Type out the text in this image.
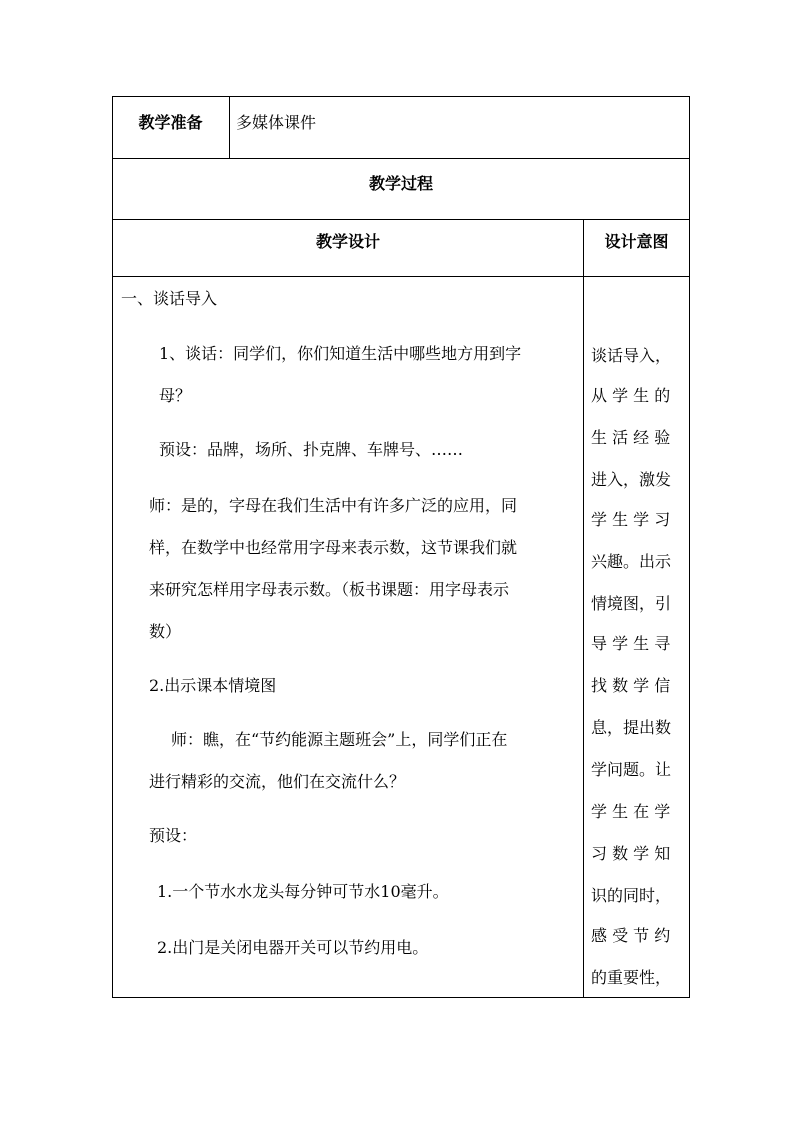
教学准备	多媒体课件
教学过程
教学设计	设计意图
一、谈话导入
1、谈话：同学们，你们知道生活中哪些地方用到字
母？
预设：品牌，场所、扑克牌、车牌号、……
师：是的，字母在我们生活中有许多广泛的应用，同
样，在数学中也经常用字母来表示数，这节课我们就
来研究怎样用字母表示数。（板书课题：用字母表示
数）
2.出示课本情境图
师：瞧，在“节约能源主题班会”上，同学们正在
进行精彩的交流，他们在交流什么？
预设：
1.一个节水水龙头每分钟可节水10毫升。
2.出门是关闭电器开关可以节约用电。
谈话导入，
从 学 生 的
生 活 经 验
进入，激发
学 生 学 习
兴趣。出示
情境图，引
导 学 生 寻
找 数 学 信
息，提出数
学问题。让
学 生 在 学
习 数 学 知
识的同时，
感 受 节 约
的重要性，
